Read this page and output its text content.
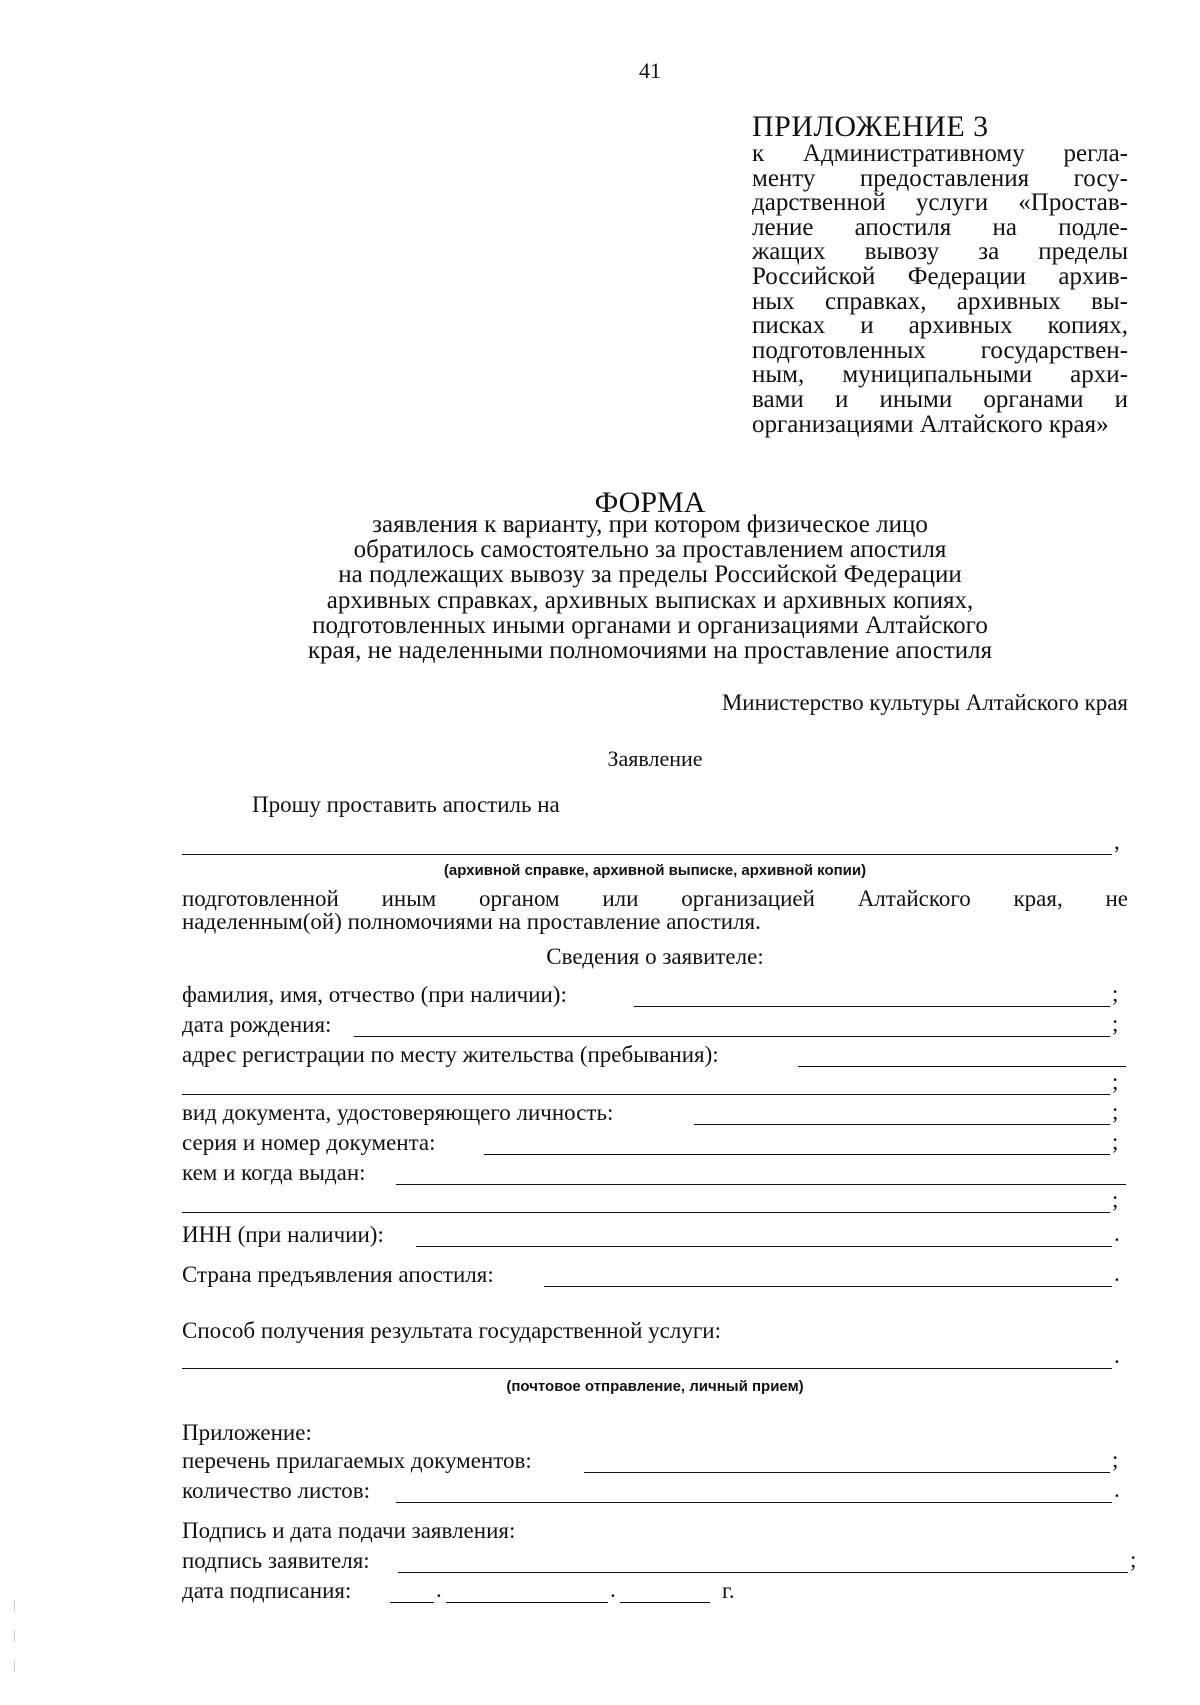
41
ПРИЛОЖЕНИЕ 3
к Административному регла-
менту предоставления госу-
дарственной услуги «Простав-
ление апостиля на подле-
жащих вывозу за пределы
Российской Федерации архив-
ных справках, архивных вы-
писках и архивных копиях,
подготовленных государствен-
ным, муниципальными архи-
вами и иными органами и
организациями Алтайского края»
ФОРМА
заявления к варианту, при котором физическое лицо
обратилось самостоятельно за проставлением апостиля
на подлежащих вывозу за пределы Российской Федерации
архивных справках, архивных выписках и архивных копиях,
подготовленных иными органами и организациями Алтайского
края, не наделенными полномочиями на проставление апостиля
Министерство культуры Алтайского края
Заявление
Прошу проставить апостиль на
,
(архивной справке, архивной выписке, архивной копии)
подготовленной иным органом или организацией Алтайского края, не
наделенным(ой) полномочиями на проставление апостиля.
Сведения о заявителе:
фамилия, имя, отчество (при наличии):	;
дата рождения:	;
адрес регистрации по месту жительства (пребывания):
;
вид документа, удостоверяющего личность:	;
серия и номер документа:	;
кем и когда выдан:
;
ИНН (при наличии):	.
Страна предъявления апостиля:	.
Способ получения результата государственной услуги:
.
(почтовое отправление, личный прием)
Приложение:
перечень прилагаемых документов:	;
количество листов:	.
Подпись и дата подачи заявления:
подпись заявителя:	;
дата подписания:	.	.	г.
